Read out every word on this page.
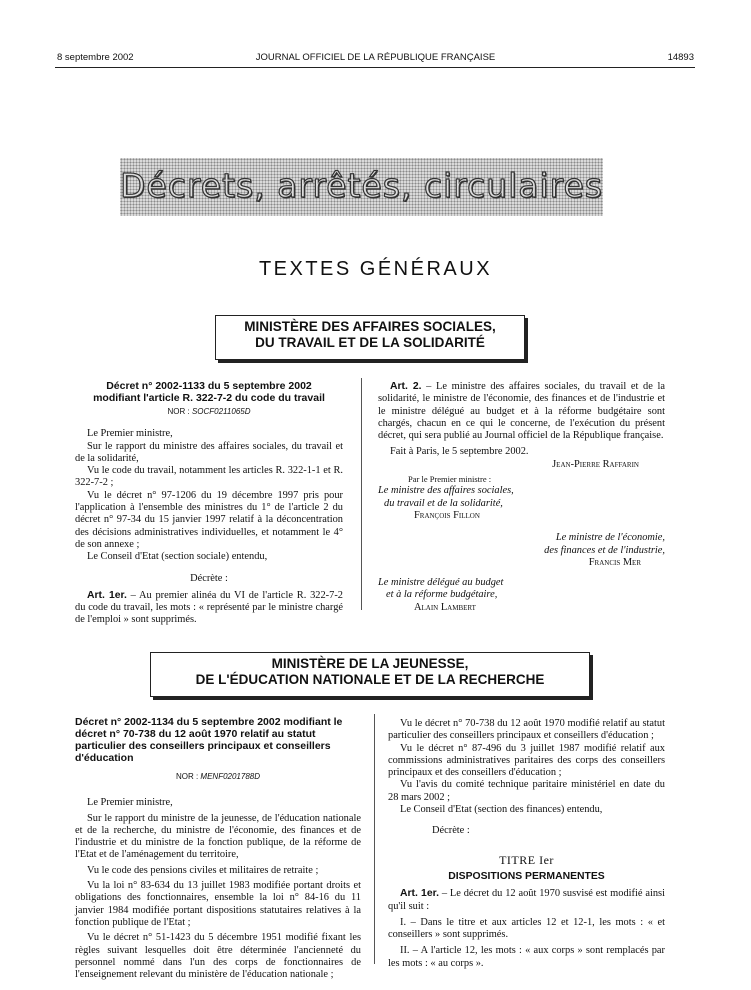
8 septembre 2002	JOURNAL OFFICIEL DE LA RÉPUBLIQUE FRANÇAISE	14893
Décrets, arrêtés, circulaires
TEXTES GÉNÉRAUX
MINISTÈRE DES AFFAIRES SOCIALES,
DU TRAVAIL ET DE LA SOLIDARITÉ
Décret n° 2002-1133 du 5 septembre 2002
modifiant l'article R. 322-7-2 du code du travail
NOR : SOCF0211065D

Le Premier ministre,

Sur le rapport du ministre des affaires sociales, du travail et de la solidarité,

Vu le code du travail, notamment les articles R. 322-1-1 et R. 322-7-2 ;

Vu le décret n° 97-1206 du 19 décembre 1997 pris pour l'application à l'ensemble des ministres du 1° de l'article 2 du décret n° 97-34 du 15 janvier 1997 relatif à la déconcentration des décisions administratives individuelles, et notamment le 4° de son annexe ;

Le Conseil d'Etat (section sociale) entendu,

Décrète :

Art. 1er. – Au premier alinéa du VI de l'article R. 322-7-2 du code du travail, les mots : « représenté par le ministre chargé de l'emploi » sont supprimés.

Art. 2. – Le ministre des affaires sociales, du travail et de la solidarité, le ministre de l'économie, des finances et de l'industrie et le ministre délégué au budget et à la réforme budgétaire sont chargés, chacun en ce qui le concerne, de l'exécution du présent décret, qui sera publié au Journal officiel de la République française.

Fait à Paris, le 5 septembre 2002.

Jean-Pierre Raffarin
Par le Premier ministre :
Le ministre des affaires sociales,
du travail et de la solidarité,
François Fillon
Le ministre de l'économie,
des finances et de l'industrie,
Francis Mer
Le ministre délégué au budget
et à la réforme budgétaire,
Alain Lambert
MINISTÈRE DE LA JEUNESSE,
DE L'ÉDUCATION NATIONALE ET DE LA RECHERCHE
Décret n° 2002-1134 du 5 septembre 2002 modifiant le
décret n° 70-738 du 12 août 1970 relatif au statut
particulier des conseillers principaux et conseillers
d'éducation
NOR : MENF0201788D

Le Premier ministre,

Sur le rapport du ministre de la jeunesse, de l'éducation nationale et de la recherche, du ministre de l'économie, des finances et de l'industrie et du ministre de la fonction publique, de la réforme de l'Etat et de l'aménagement du territoire,

Vu le code des pensions civiles et militaires de retraite ;

Vu la loi n° 83-634 du 13 juillet 1983 modifiée portant droits et obligations des fonctionnaires, ensemble la loi n° 84-16 du 11 janvier 1984 modifiée portant dispositions statutaires relatives à la fonction publique de l'Etat ;

Vu le décret n° 51-1423 du 5 décembre 1951 modifié fixant les règles suivant lesquelles doit être déterminée l'ancienneté du personnel nommé dans l'un des corps de fonctionnaires de l'enseignement relevant du ministère de l'éducation nationale ;

Vu le décret n° 70-738 du 12 août 1970 modifié relatif au statut particulier des conseillers principaux et conseillers d'éducation ;

Vu le décret n° 87-496 du 3 juillet 1987 modifié relatif aux commissions administratives paritaires des corps des conseillers principaux et des conseillers d'éducation ;

Vu l'avis du comité technique paritaire ministériel en date du 28 mars 2002 ;

Le Conseil d'Etat (section des finances) entendu,

Décrète :
TITRE Ier
DISPOSITIONS PERMANENTES

Art. 1er. – Le décret du 12 août 1970 susvisé est modifié ainsi qu'il suit :

I. – Dans le titre et aux articles 12 et 12-1, les mots : « et conseillers » sont supprimés.

II. – A l'article 12, les mots : « aux corps » sont remplacés par les mots : « au corps ».
